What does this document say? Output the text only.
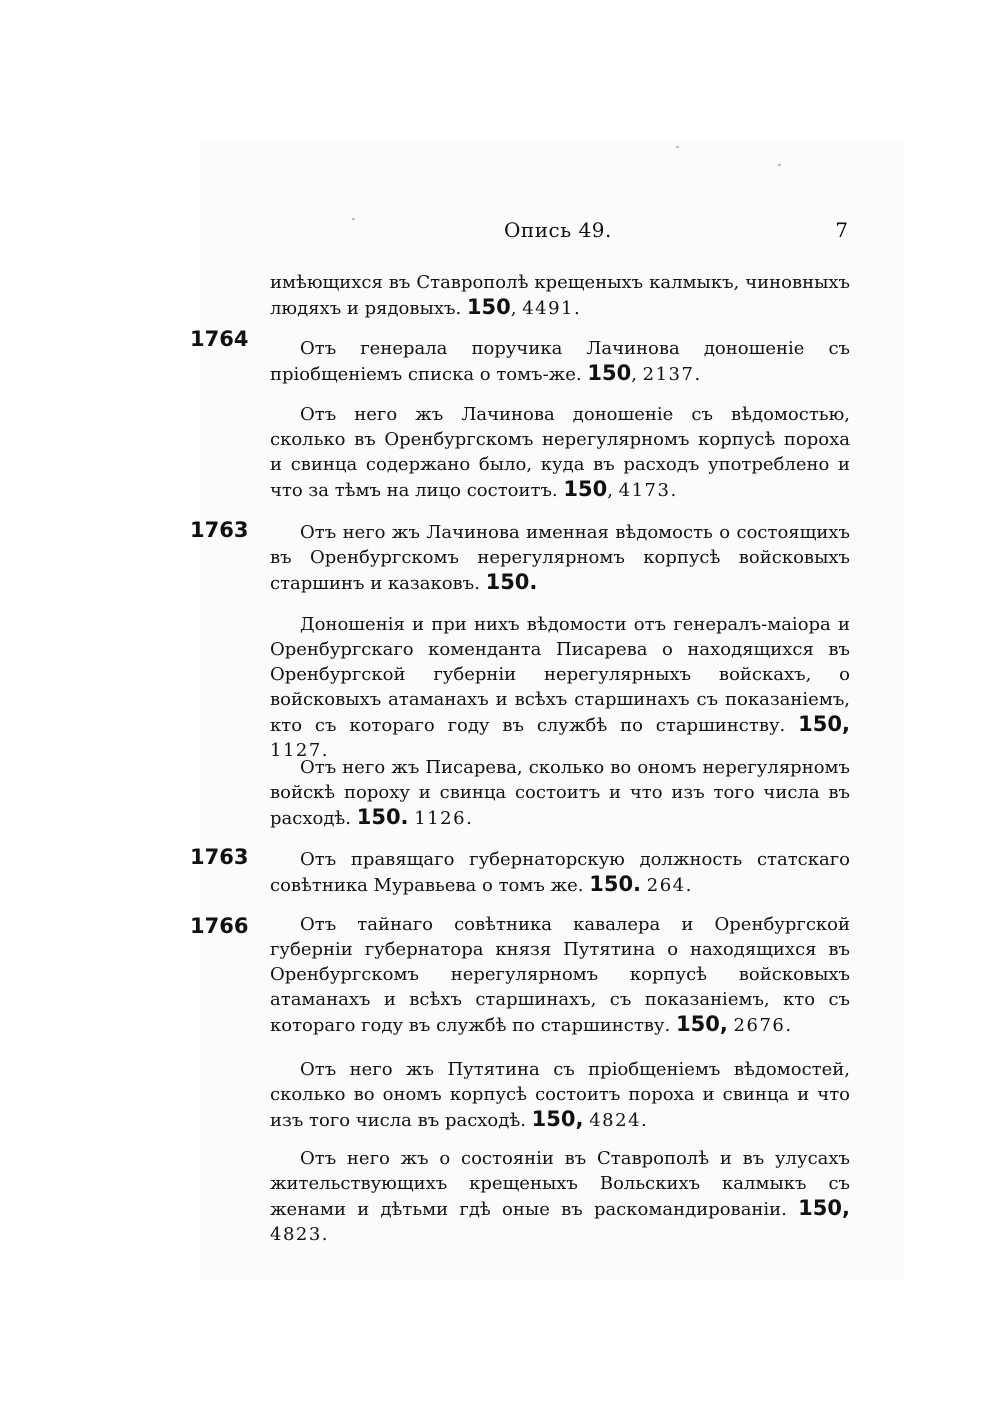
Опись 49.	7

имѣющихся въ Ставрополѣ крещеныхъ калмыкъ, чиновныхъ людяхъ и рядовыхъ. 150, 4491.

1764	Отъ генерала поручика Лачинова доношеніе съ пріобщеніемъ списка о томъ-же. 150, 2137.

Отъ него жъ Лачинова доношеніе съ вѣдомостью, сколько въ Оренбургскомъ нерегулярномъ корпусѣ пороха и свинца содержано было, куда въ расходъ употреблено и что за тѣмъ на лицо состоитъ. 150, 4173.

1763	Отъ него жъ Лачинова именная вѣдомость о состоящихъ въ Оренбургскомъ нерегулярномъ корпусѣ войсковыхъ старшинъ и казаковъ. 150.

Доношенія и при нихъ вѣдомости отъ генералъ-маіора и Оренбургскаго коменданта Писарева о находящихся въ Оренбургской губерніи нерегулярныхъ войскахъ, о войсковыхъ атаманахъ и всѣхъ старшинахъ съ показаніемъ, кто съ котораго году въ службѣ по старшинству. 150, 1127.

Отъ него жъ Писарева, сколько во ономъ нерегулярномъ войскѣ пороху и свинца состоитъ и что изъ того числа въ расходѣ. 150. 1126.

1763	Отъ правящаго губернаторскую должность статскаго совѣтника Муравьева о томъ же. 150. 264.

1766	Отъ тайнаго совѣтника кавалера и Оренбургской губерніи губернатора князя Путятина о находящихся въ Оренбургскомъ нерегулярномъ корпусѣ войсковыхъ атаманахъ и всѣхъ старшинахъ, съ показаніемъ, кто съ котораго году въ службѣ по старшинству. 150, 2676.

Отъ него жъ Путятина съ пріобщеніемъ вѣдомостей, сколько во ономъ корпусѣ состоитъ пороха и свинца и что изъ того числа въ расходѣ. 150, 4824.

Отъ него жъ о состояніи въ Ставрополѣ и въ улусахъ жительствующихъ крещеныхъ Вольскихъ калмыкъ съ женами и дѣтьми гдѣ оные въ раскомандированіи. 150, 4823.
